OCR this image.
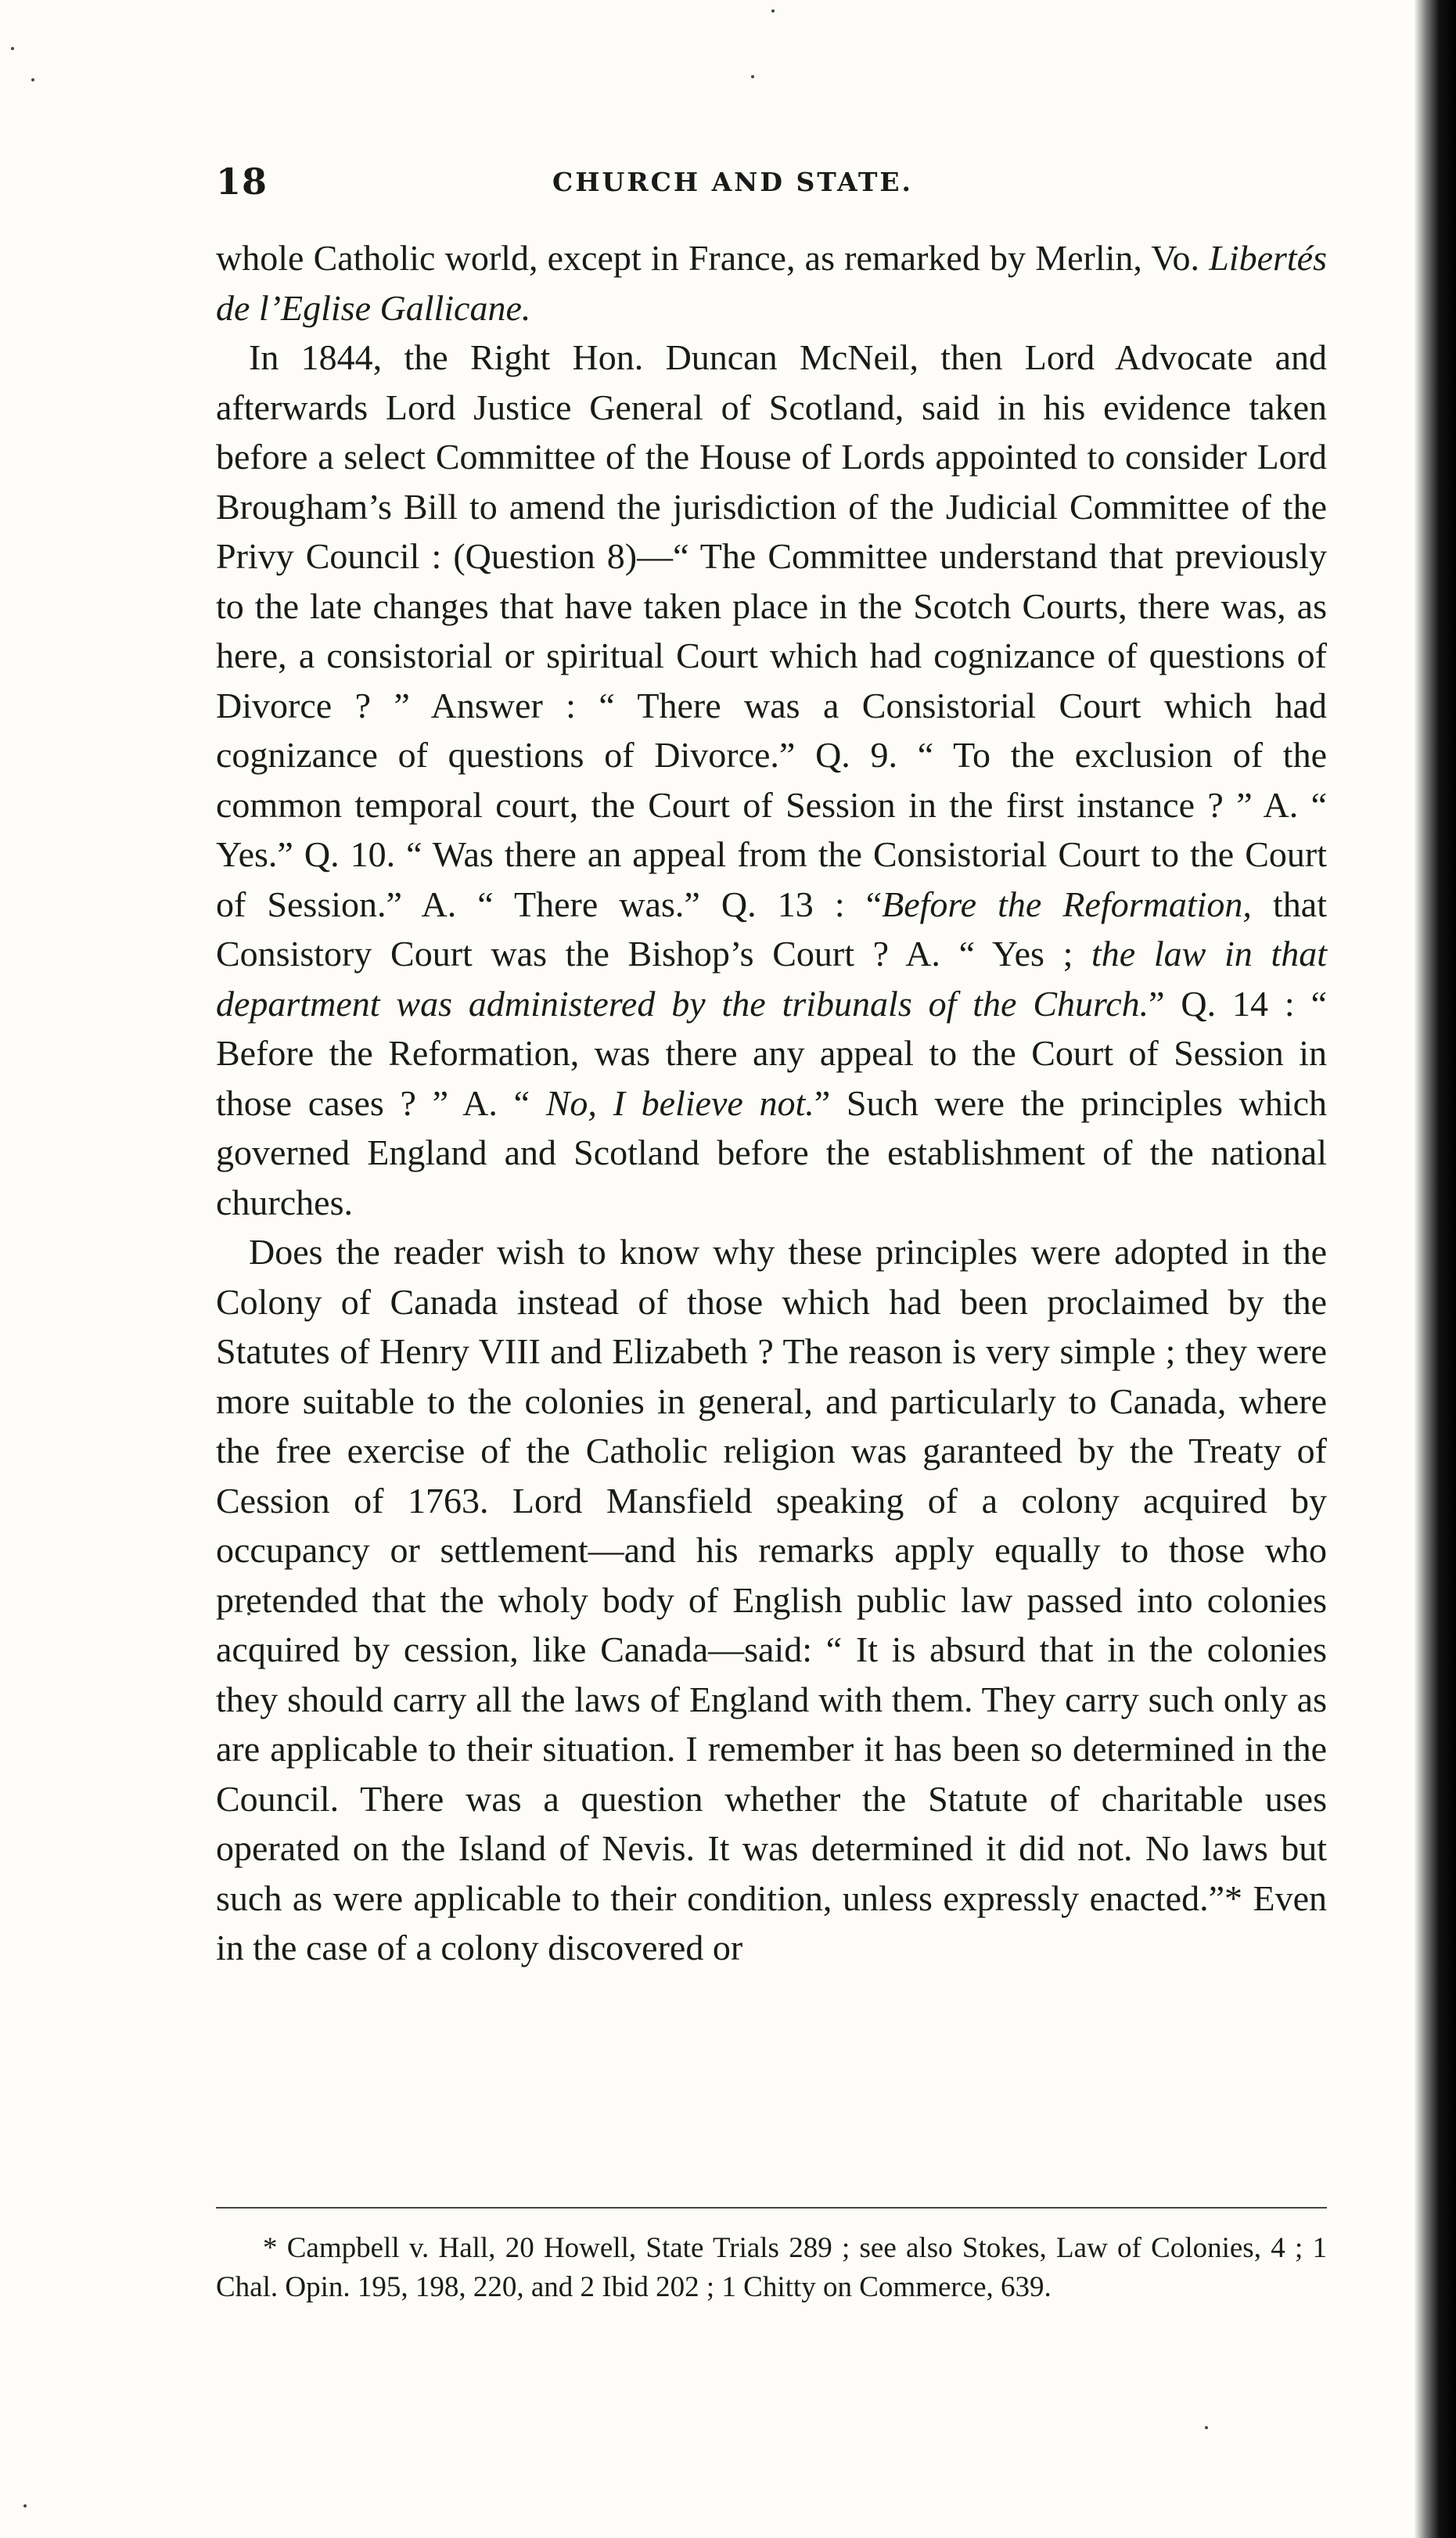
18	CHURCH AND STATE.

whole Catholic world, except in France, as remarked by Merlin, Vo. Libertés de l’Eglise Gallicane.

In 1844, the Right Hon. Duncan McNeil, then Lord Advocate and afterwards Lord Justice General of Scotland, said in his evidence taken before a select Committee of the House of Lords appointed to consider Lord Brougham’s Bill to amend the jurisdiction of the Judicial Committee of the Privy Council : (Question 8)—“ The Committee understand that previously to the late changes that have taken place in the Scotch Courts, there was, as here, a consistorial or spiritual Court which had cognizance of questions of Divorce ? ” Answer : “ There was a Consistorial Court which had cognizance of questions of Divorce.” Q. 9. “ To the exclusion of the common temporal court, the Court of Session in the first instance ? ” A. “ Yes.” Q. 10. “ Was there an appeal from the Consistorial Court to the Court of Session.” A. “ There was.” Q. 13 : “Before the Reformation, that Consistory Court was the Bishop’s Court ? A. “ Yes ; the law in that department was administered by the tribunals of the Church.” Q. 14 : “ Before the Reformation, was there any appeal to the Court of Session in those cases ? ” A. “ No, I believe not.” Such were the principles which governed England and Scotland before the establishment of the national churches.

Does the reader wish to know why these principles were adopted in the Colony of Canada instead of those which had been proclaimed by the Statutes of Henry VIII and Elizabeth ? The reason is very simple ; they were more suitable to the colonies in general, and particularly to Canada, where the free exercise of the Catholic religion was garanteed by the Treaty of Cession of 1763. Lord Mansfield speaking of a colony acquired by occupancy or settlement—and his remarks apply equally to those who pretended that the wholy body of English public law passed into colonies acquired by cession, like Canada—said: “ It is absurd that in the colonies they should carry all the laws of England with them. They carry such only as are applicable to their situation. I remember it has been so determined in the Council. There was a question whether the Statute of charitable uses operated on the Island of Nevis. It was determined it did not. No laws but such as were applicable to their condition, unless expressly enacted.”* Even in the case of a colony discovered or

* Campbell v. Hall, 20 Howell, State Trials 289 ; see also Stokes, Law of Colonies, 4 ; 1 Chal. Opin. 195, 198, 220, and 2 Ibid 202 ; 1 Chitty on Commerce, 639.
